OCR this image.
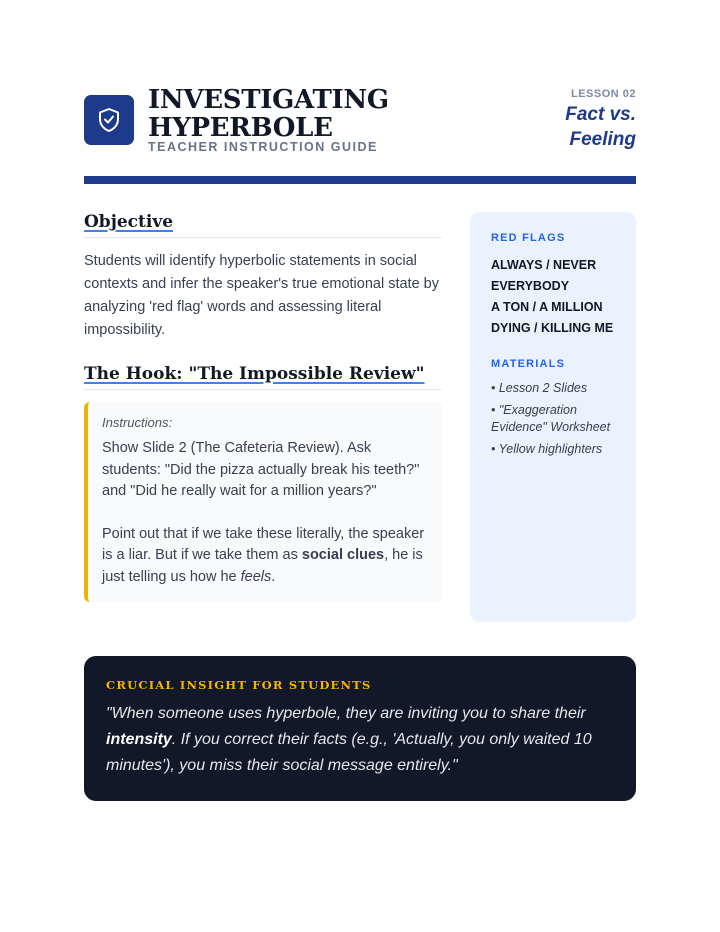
INVESTIGATING HYPERBOLE
TEACHER INSTRUCTION GUIDE
LESSON 02
Fact vs.
Feeling
Objective

Students will identify hyperbolic statements in social contexts and infer the speaker's true emotional state by analyzing 'red flag' words and assessing literal impossibility.

The Hook: "The Impossible Review"
Instructions:

Show Slide 2 (The Cafeteria Review). Ask students: "Did the pizza actually break his teeth?" and "Did he really wait for a million years?"

Point out that if we take these literally, the speaker is a liar. But if we take them as social clues, he is just telling us how he feels.

RED FLAGS
ALWAYS / NEVER
EVERYBODY
A TON / A MILLION
DYING / KILLING ME
MATERIALS
• Lesson 2 Slides
• "Exaggeration Evidence" Worksheet
• Yellow highlighters
CRUCIAL INSIGHT FOR STUDENTS

"When someone uses hyperbole, they are inviting you to share their intensity. If you correct their facts (e.g., 'Actually, you only waited 10 minutes'), you miss their social message entirely."
